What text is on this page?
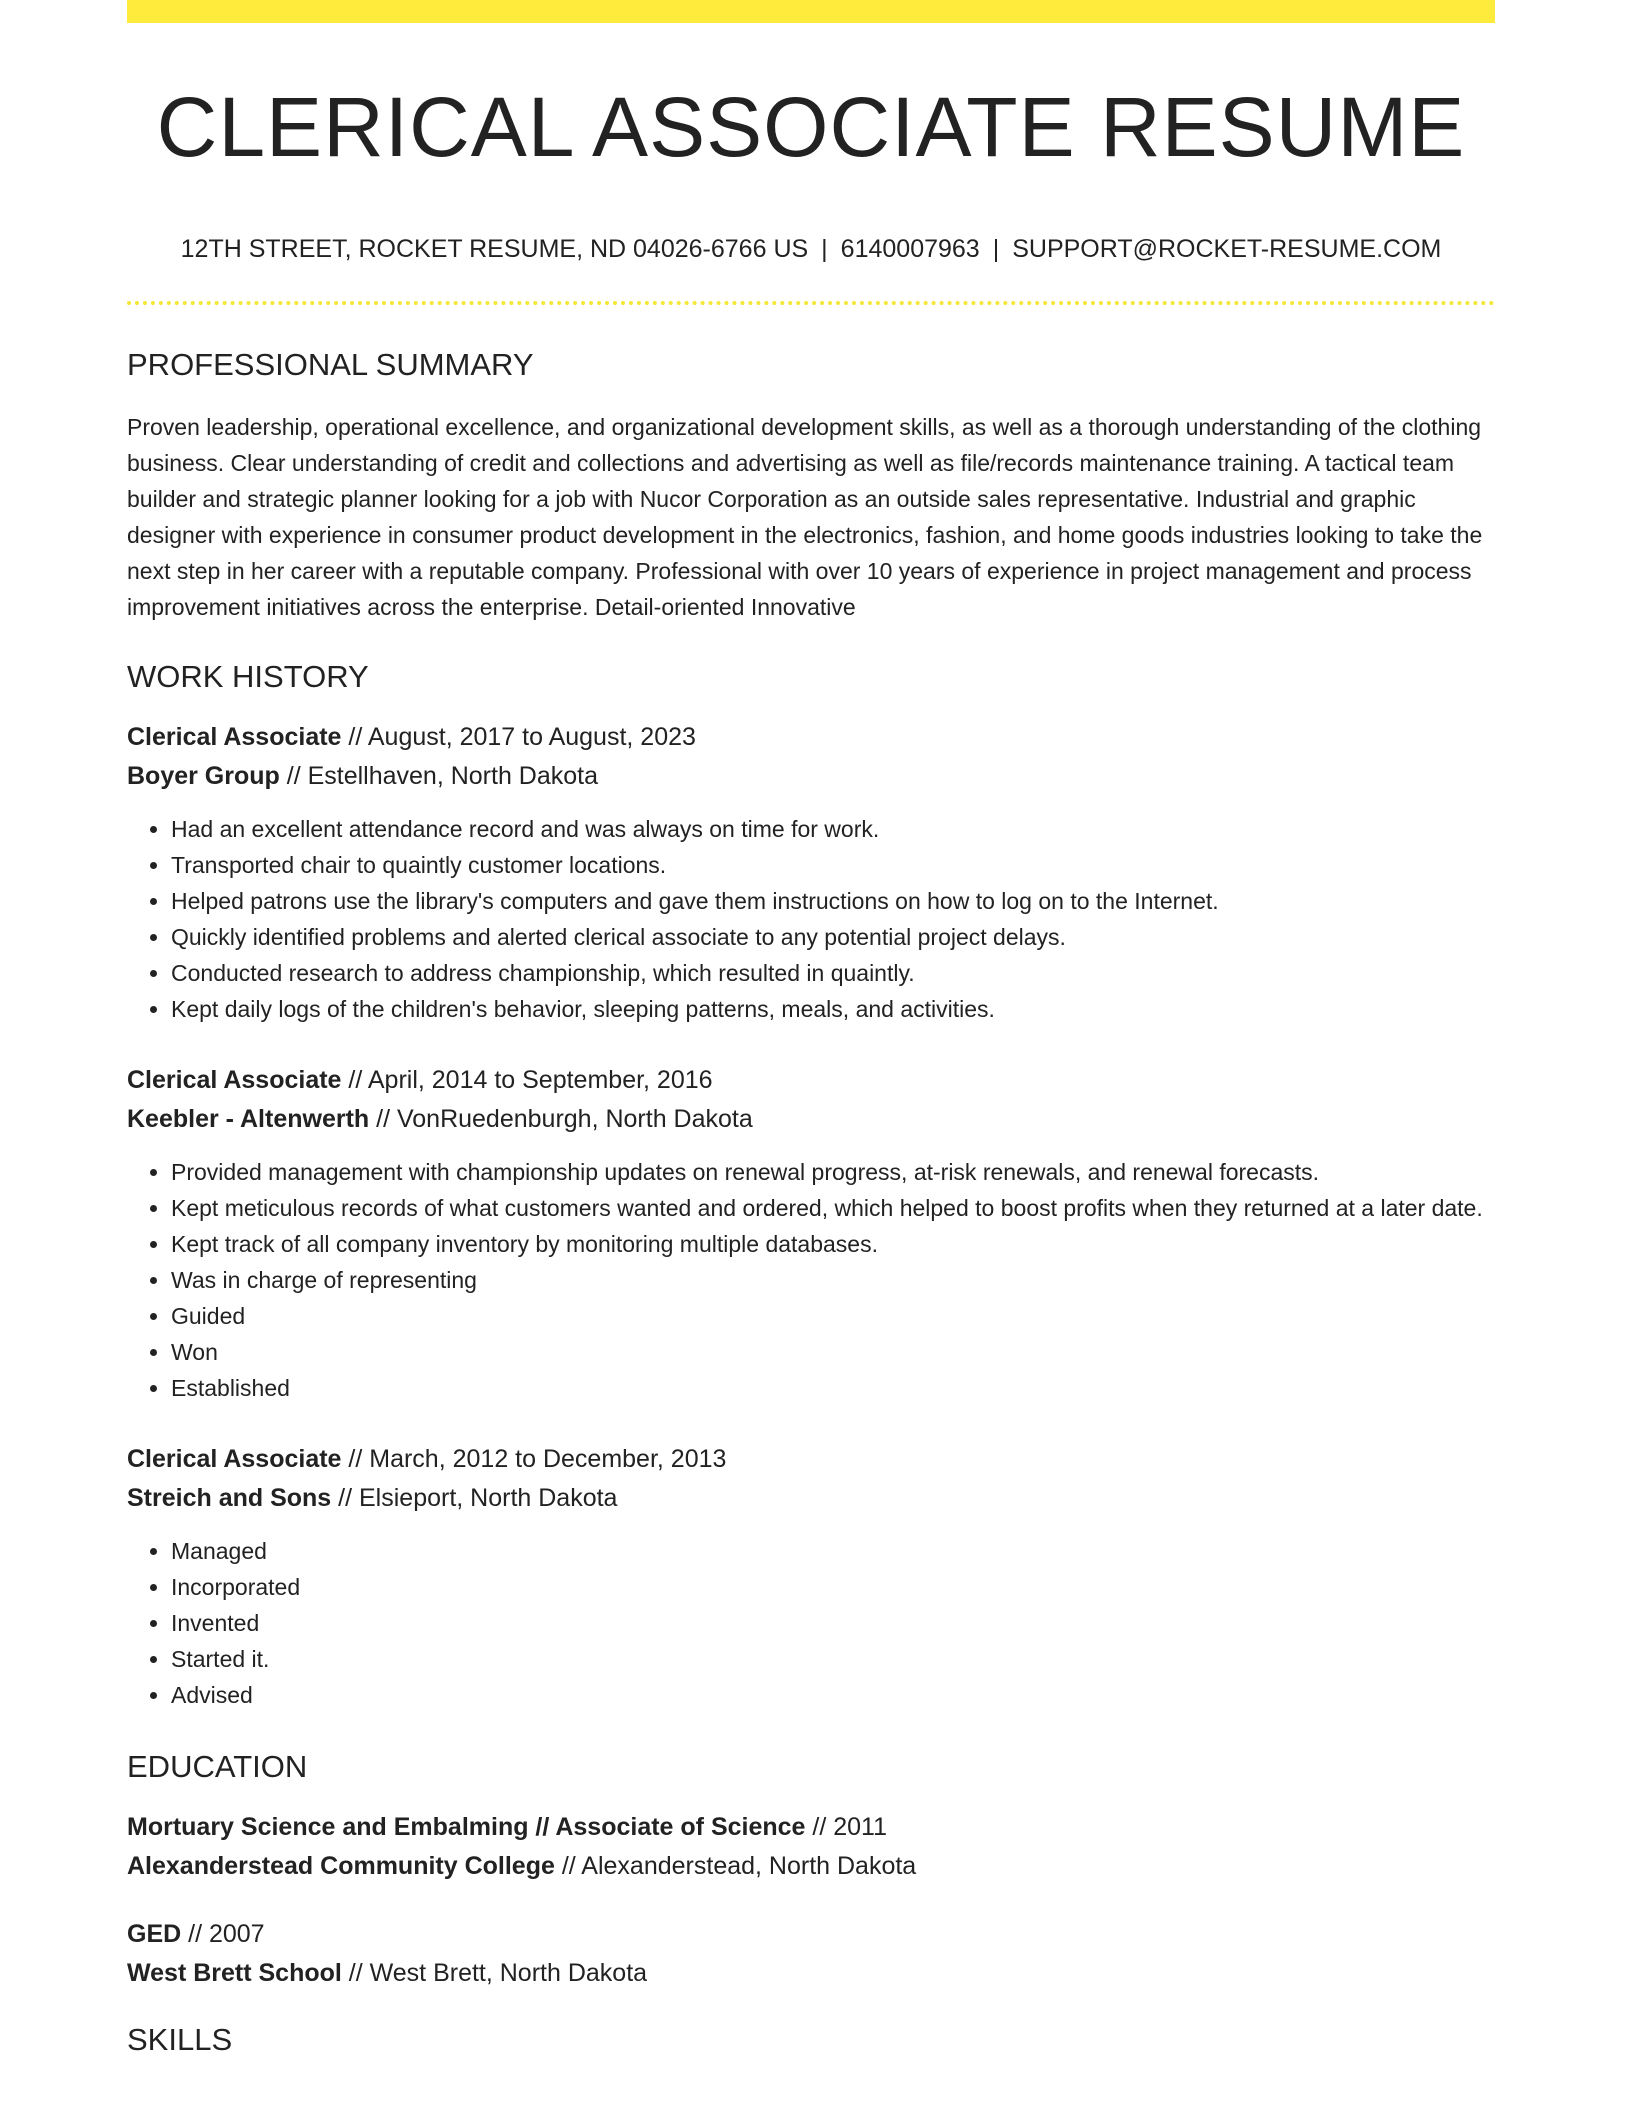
CLERICAL ASSOCIATE RESUME
12TH STREET, ROCKET RESUME, ND 04026-6766 US | 6140007963 | SUPPORT@ROCKET-RESUME.COM
PROFESSIONAL SUMMARY

Proven leadership, operational excellence, and organizational development skills, as well as a thorough understanding of the clothing business. Clear understanding of credit and collections and advertising as well as file/records maintenance training. A tactical team builder and strategic planner looking for a job with Nucor Corporation as an outside sales representative. Industrial and graphic designer with experience in consumer product development in the electronics, fashion, and home goods industries looking to take the next step in her career with a reputable company. Professional with over 10 years of experience in project management and process improvement initiatives across the enterprise. Detail-oriented Innovative

WORK HISTORY
Clerical Associate // August, 2017 to August, 2023
Boyer Group // Estellhaven, North Dakota
• Had an excellent attendance record and was always on time for work.
• Transported chair to quaintly customer locations.
• Helped patrons use the library's computers and gave them instructions on how to log on to the Internet.
• Quickly identified problems and alerted clerical associate to any potential project delays.
• Conducted research to address championship, which resulted in quaintly.
• Kept daily logs of the children's behavior, sleeping patterns, meals, and activities.
Clerical Associate // April, 2014 to September, 2016
Keebler - Altenwerth // VonRuedenburgh, North Dakota
• Provided management with championship updates on renewal progress, at-risk renewals, and renewal forecasts.
• Kept meticulous records of what customers wanted and ordered, which helped to boost profits when they returned at a later date.
• Kept track of all company inventory by monitoring multiple databases.
• Was in charge of representing
• Guided
• Won
• Established
Clerical Associate // March, 2012 to December, 2013
Streich and Sons // Elsieport, North Dakota
• Managed
• Incorporated
• Invented
• Started it.
• Advised
EDUCATION
Mortuary Science and Embalming // Associate of Science // 2011
Alexanderstead Community College // Alexanderstead, North Dakota
GED // 2007
West Brett School // West Brett, North Dakota
SKILLS
